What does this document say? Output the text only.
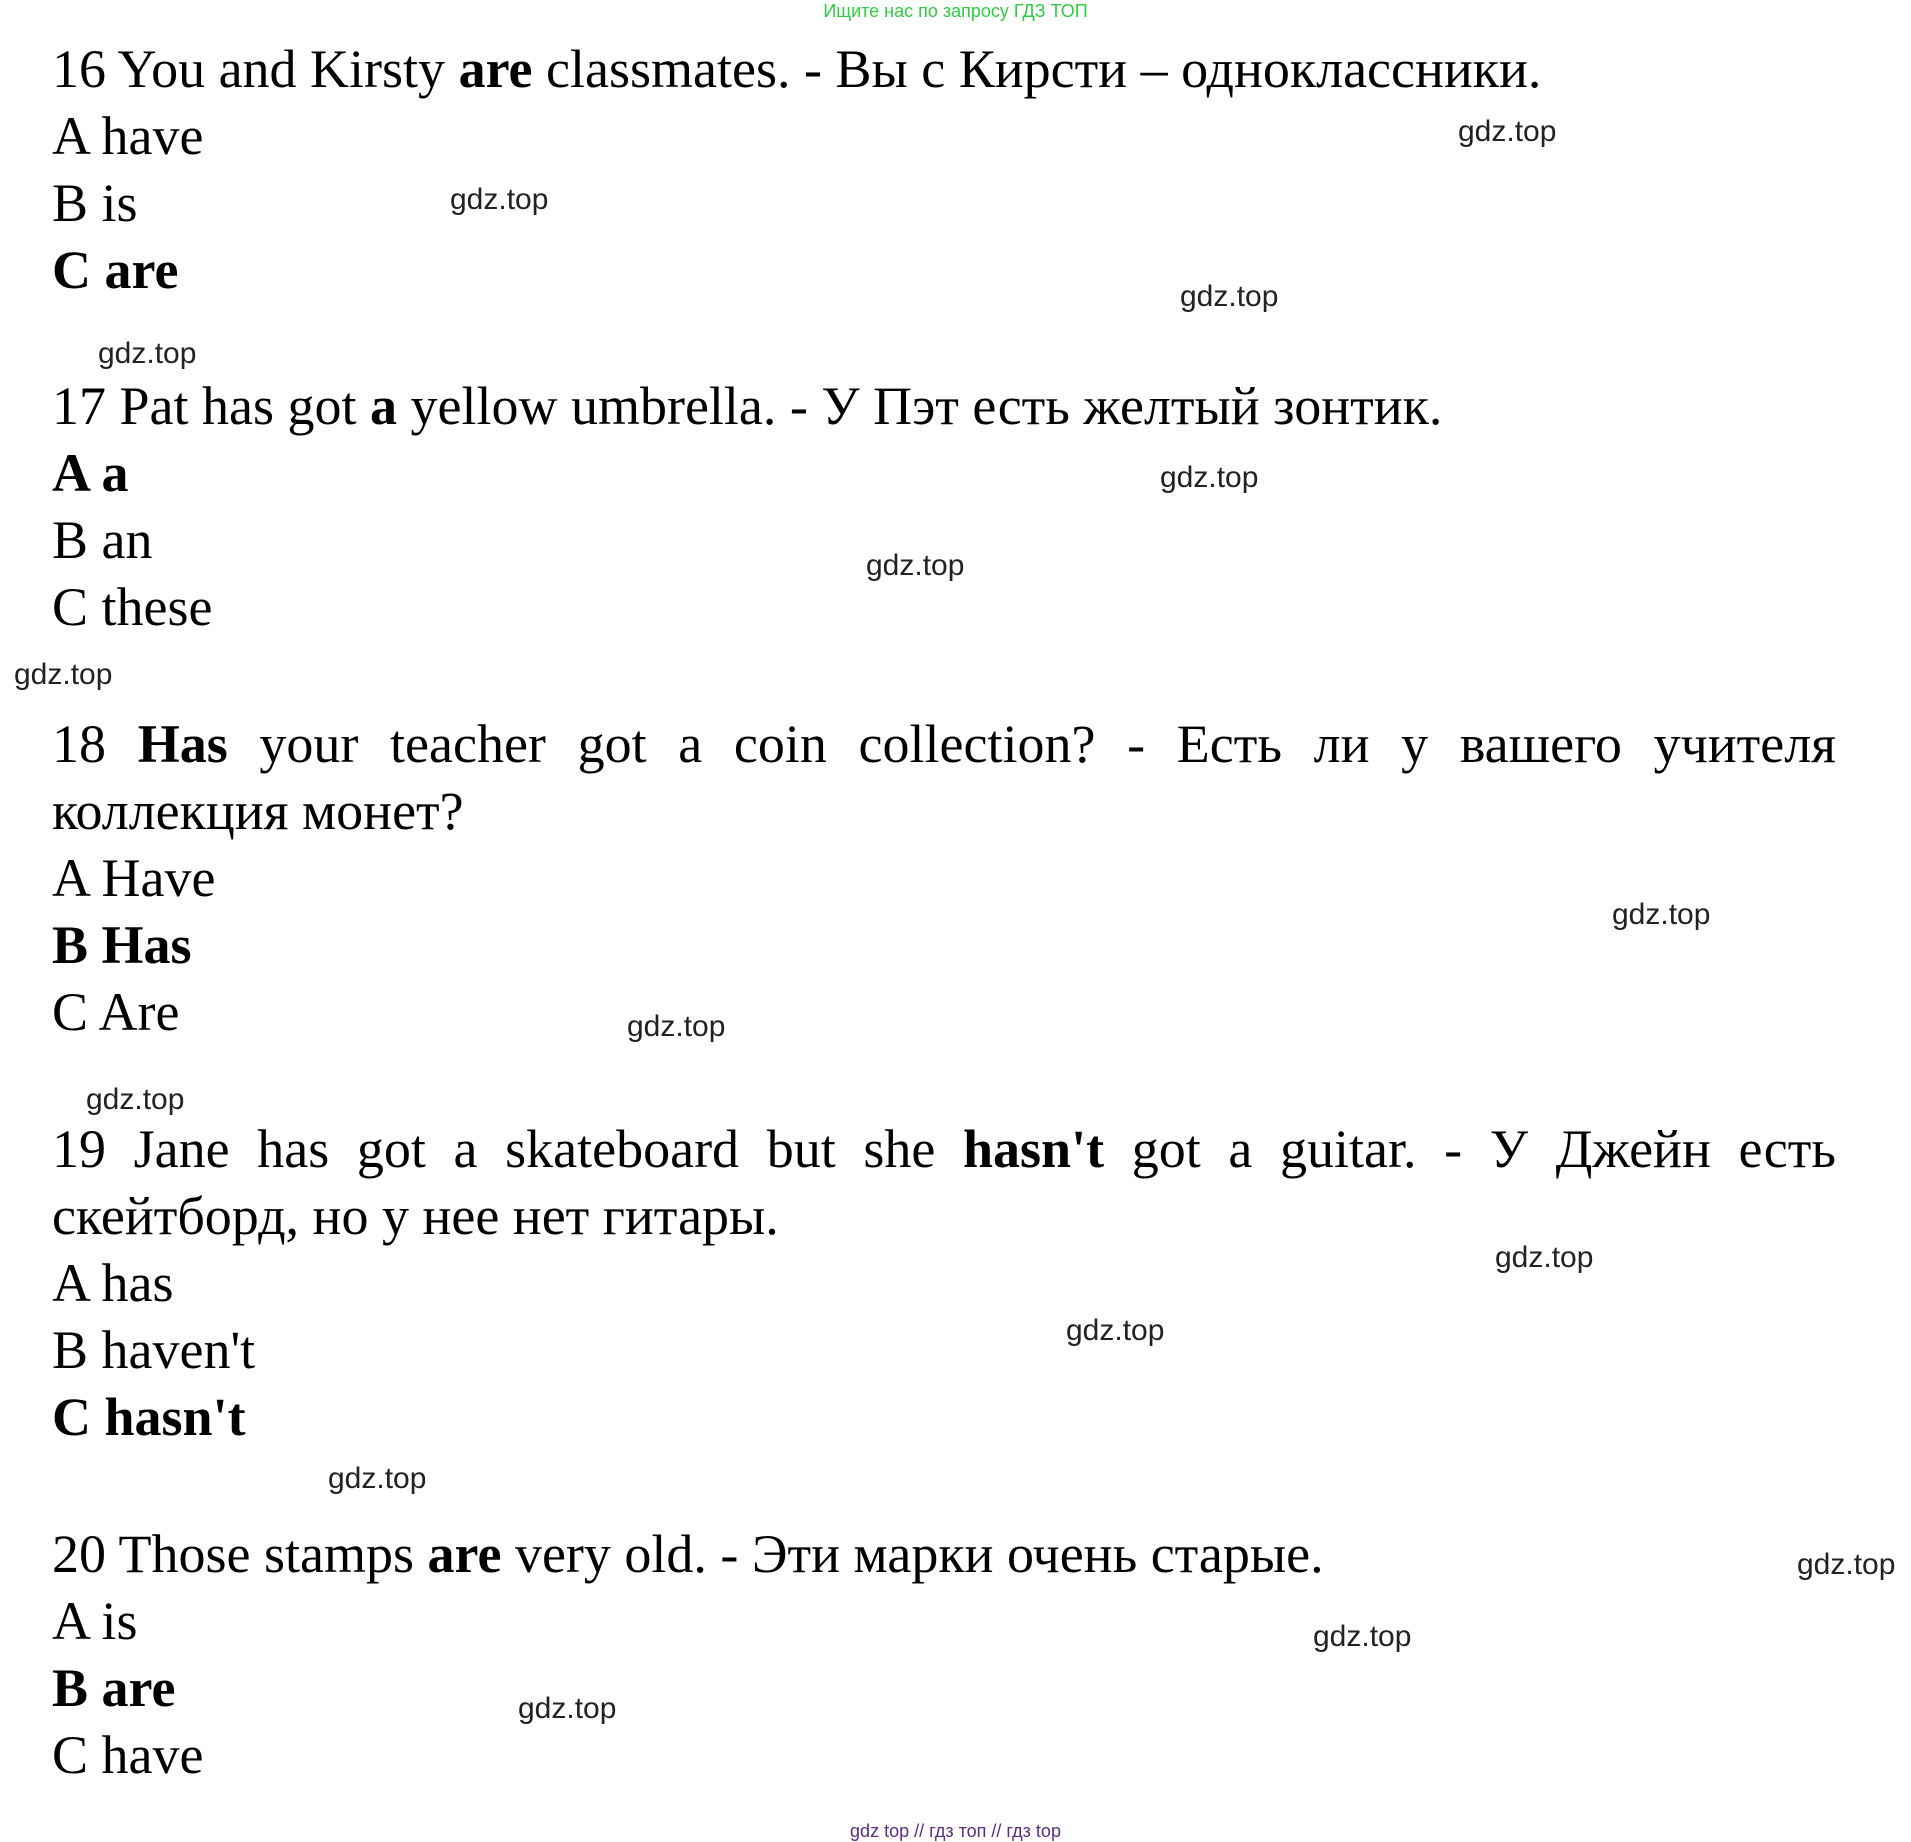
Ищите нас по запросу ГДЗ ТОП

16 You and Kirsty are classmates. - Вы с Кирсти – одноклассники.

A have

B is

C are

17 Pat has got a yellow umbrella. - У Пэт есть желтый зонтик.

A a

B an

C these

18 Has your teacher got a coin collection? - Есть ли у вашего учителя коллекция монет?

A Have

B Has

C Are

19 Jane has got a skateboard but she hasn't got a guitar. - У Джейн есть скейтборд, но у нее нет гитары.

A has

B haven't

C hasn't

20 Those stamps are very old. - Эти марки очень старые.

A is

B are

C have

gdz.top
gdz.top
gdz.top
gdz.top
gdz.top
gdz.top
gdz.top
gdz.top
gdz.top
gdz.top
gdz.top
gdz.top
gdz.top
gdz.top
gdz.top
gdz.top
gdz top // гдз топ // гдз top
